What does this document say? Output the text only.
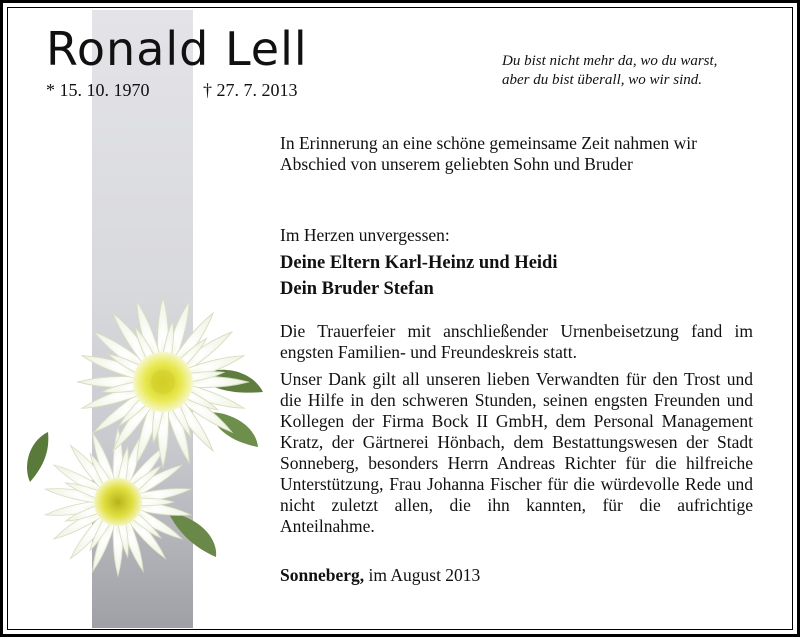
Ronald Lell
* 15. 10. 1970	† 27. 7. 2013
Du bist nicht mehr da, wo du warst,
aber du bist überall, wo wir sind.
In Erinnerung an eine schöne gemeinsame Zeit nahmen wir Abschied von unserem geliebten Sohn und Bruder
Im Herzen unvergessen:
Deine Eltern Karl-Heinz und Heidi
Dein Bruder Stefan
Die Trauerfeier mit anschließender Urnenbeisetzung fand im engsten Familien- und Freundeskreis statt.
Unser Dank gilt all unseren lieben Verwandten für den Trost und die Hilfe in den schweren Stunden, seinen engsten Freunden und Kollegen der Firma Bock II GmbH, dem Personal Management Kratz, der Gärtnerei Hönbach, dem Bestattungswesen der Stadt Sonneberg, besonders Herrn Andreas Richter für die hilfreiche Unterstützung, Frau Johanna Fischer für die würdevolle Rede und nicht zuletzt allen, die ihn kannten, für die aufrichtige Anteilnahme.
Sonneberg, im August 2013
